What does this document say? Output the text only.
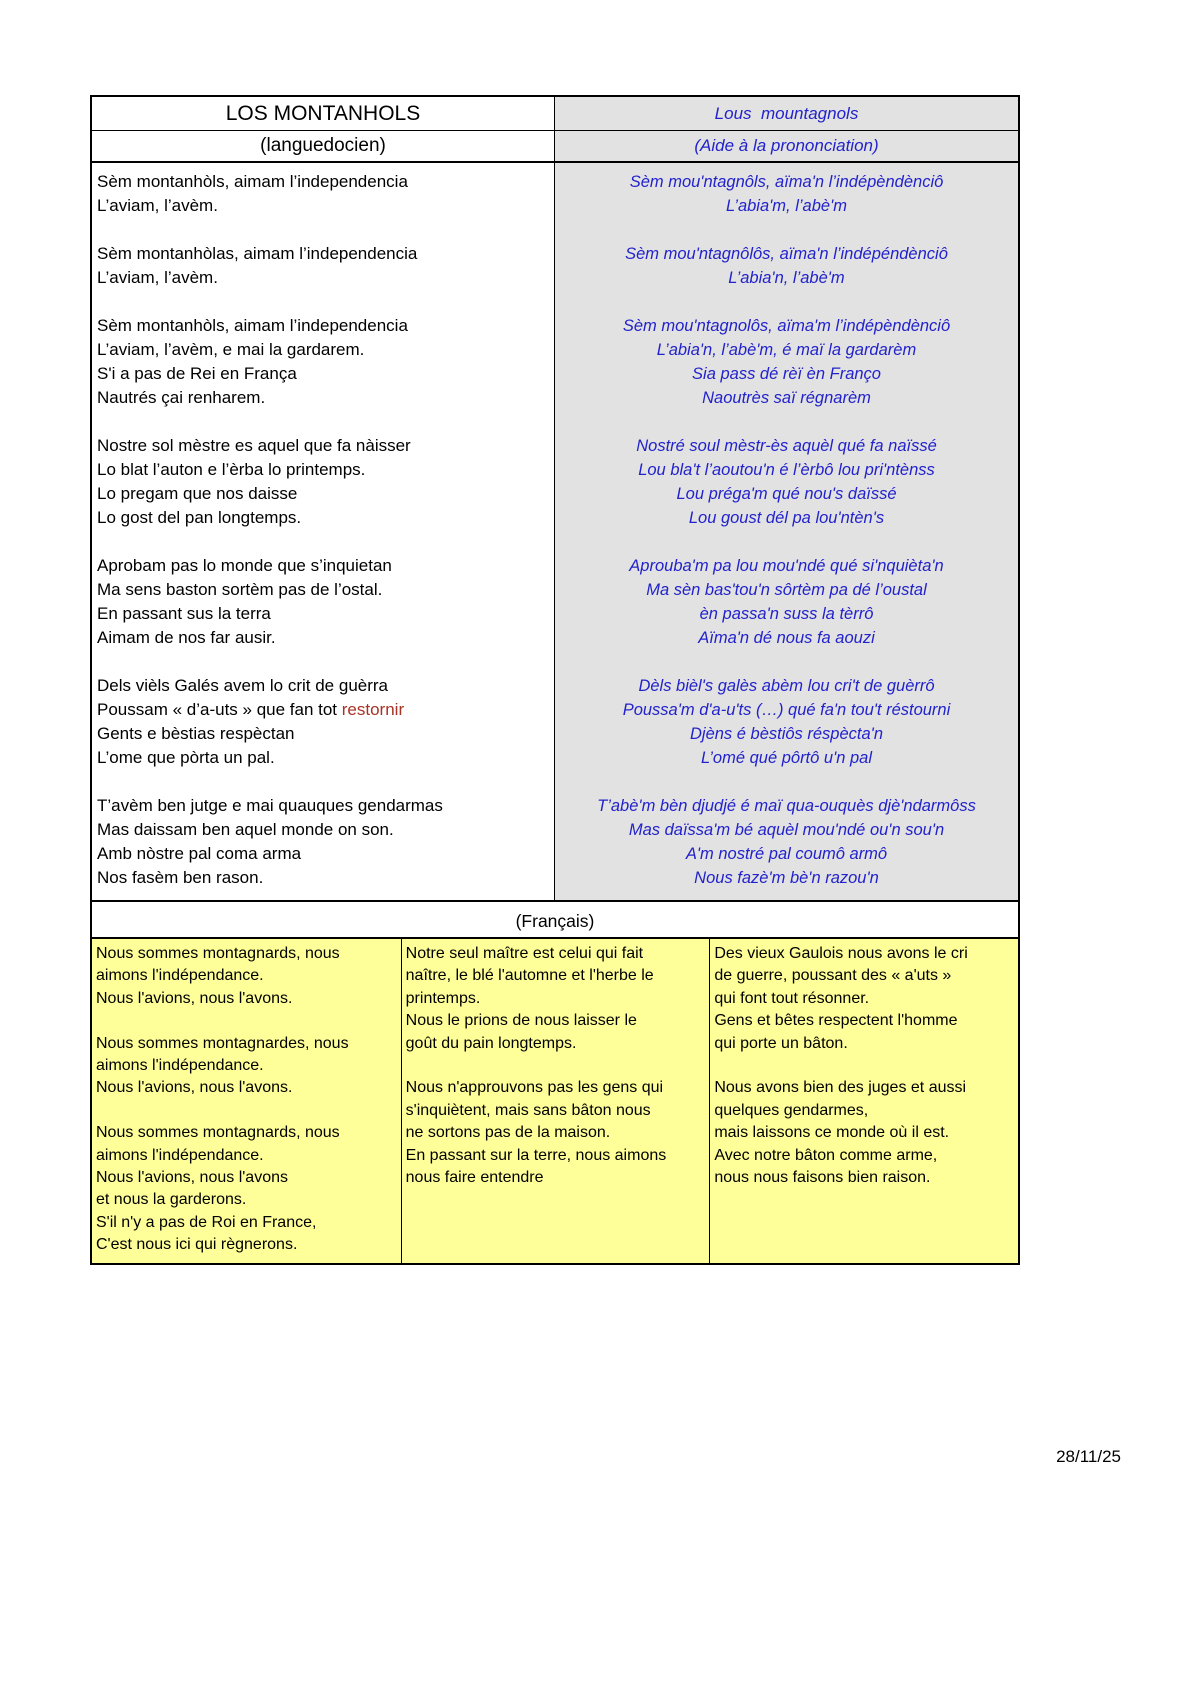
LOS MONTANHOLS	Lous  mountagnols
(languedocien)	(Aide à la prononciation)
Sèm montanhòls, aimam l’independencia
L’aviam, l’avèm.
Sèm montanhòlas, aimam l’independencia
L’aviam, l’avèm.
Sèm montanhòls, aimam l’independencia
L’aviam, l’avèm, e mai la gardarem.
S'i a pas de Rei en França
Nautrés çai renharem.
Nostre sol mèstre es aquel que fa nàisser
Lo blat l’auton e l’èrba lo printemps.
Lo pregam que nos daisse
Lo gost del pan longtemps.
Aprobam pas lo monde que s’inquietan
Ma sens baston sortèm pas de l’ostal.
En passant sus la terra
Aimam de nos far ausir.
Dels vièls Galés avem lo crit de guèrra
Poussam « d’a-uts » que fan tot restornir
Gents e bèstias respèctan
L’ome que pòrta un pal.
T’avèm ben jutge e mai quauques gendarmas
Mas daissam ben aquel monde on son.
Amb nòstre pal coma arma
Nos fasèm ben rason.
Sèm mou'ntagnôls, aïma'n l’indépèndènciô
L’abia'm, l’abè'm
Sèm mou'ntagnôlôs, aïma'n l’indépéndènciô
L’abia'n, l’abè'm
Sèm mou'ntagnolôs, aïma'm l’indépèndènciô
L’abia'n, l’abè'm, é maï la gardarèm
Sia pass dé rèï èn Franço
Naoutrès saï régnarèm
Nostré soul mèstr-ès aquèl qué fa naïssé
Lou bla't l’aoutou'n é l’èrbô lou pri'ntènss
Lou préga'm qué nou's daïssé
Lou goust dél pa lou'ntèn's
Aprouba'm pa lou mou'ndé qué si'nquièta'n
Ma sèn bas'tou'n sôrtèm pa dé l’oustal
èn passa'n suss la tèrrô
Aïma'n dé nous fa aouzi
Dèls bièl's galès abèm lou cri't de guèrrô
Poussa'm d'a-u'ts (…) qué fa'n tou't réstourni
Djèns é bèstiôs réspècta'n
L’omé qué pôrtô u'n pal
T’abè'm bèn djudjé é maï qua-ouquès djè'ndarmôss
Mas daïssa'm bé aquèl mou'ndé ou'n sou'n
A'm nostré pal coumô armô
Nous fazè'm bè'n razou'n
(Français)
Nous sommes montagnards, nous
aimons l'indépendance.
Nous l'avions, nous l'avons.

Nous sommes montagnardes, nous
aimons l'indépendance.
Nous l'avions, nous l'avons.

Nous sommes montagnards, nous
aimons l'indépendance.
Nous l'avions, nous l'avons
et nous la garderons.
S'il n'y a pas de Roi en France,
C'est nous ici qui règnerons.
Notre seul maître est celui qui fait
naître, le blé l'automne et l'herbe le
printemps.
Nous le prions de nous laisser le
goût du pain longtemps.

Nous n'approuvons pas les gens qui
s'inquiètent, mais sans bâton nous
ne sortons pas de la maison.
En passant sur la terre, nous aimons
nous faire entendre
Des vieux Gaulois nous avons le cri
de guerre, poussant des « a'uts »
qui font tout résonner.
Gens et bêtes respectent l'homme
qui porte un bâton.

Nous avons bien des juges et aussi
quelques gendarmes,
mais laissons ce monde où il est.
Avec notre bâton comme arme,
nous nous faisons bien raison.
28/11/25
